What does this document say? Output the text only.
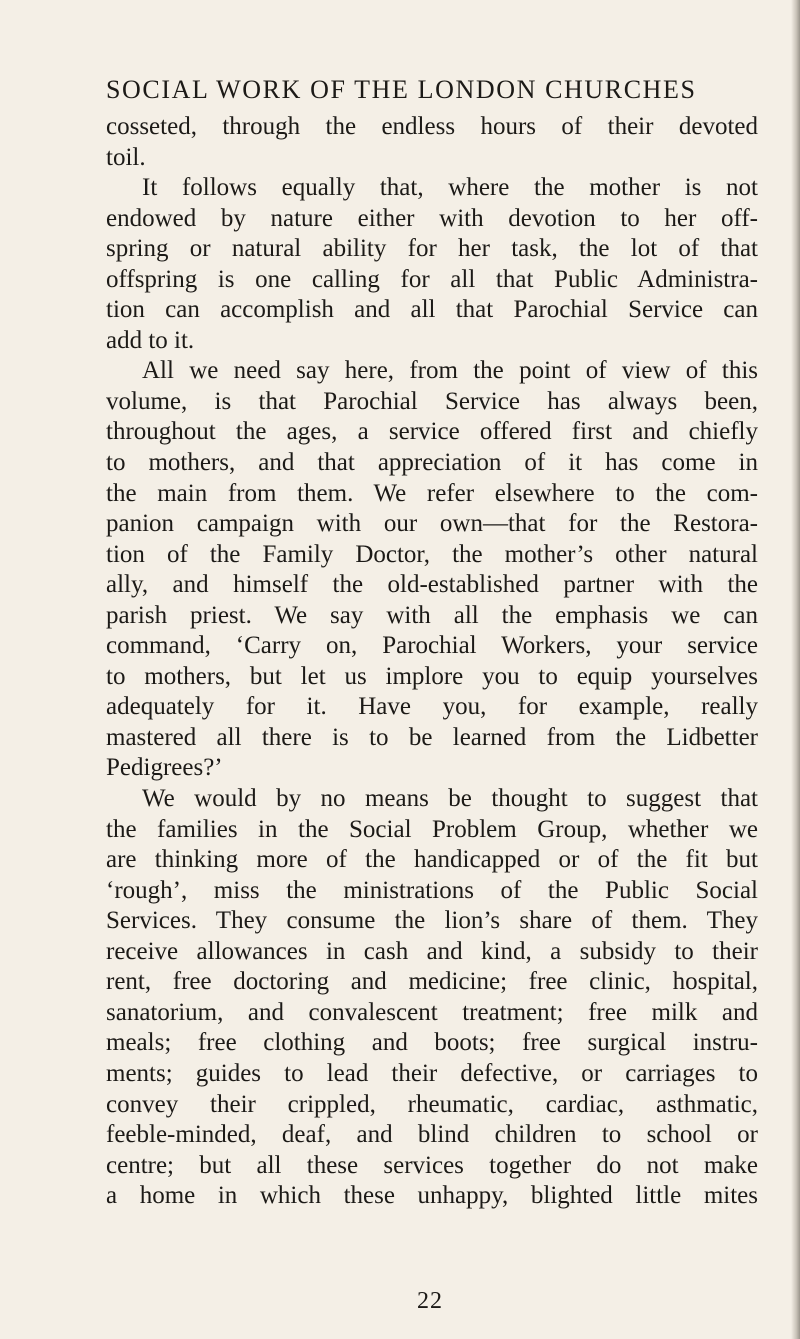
SOCIAL WORK OF THE LONDON CHURCHES
cosseted, through the endless hours of their devoted
toil.
It follows equally that, where the mother is not
endowed by nature either with devotion to her off-
spring or natural ability for her task, the lot of that
offspring is one calling for all that Public Administra-
tion can accomplish and all that Parochial Service can
add to it.
All we need say here, from the point of view of this
volume, is that Parochial Service has always been,
throughout the ages, a service offered first and chiefly
to mothers, and that appreciation of it has come in
the main from them. We refer elsewhere to the com-
panion campaign with our own—that for the Restora-
tion of the Family Doctor, the mother’s other natural
ally, and himself the old-established partner with the
parish priest. We say with all the emphasis we can
command, ‘Carry on, Parochial Workers, your service
to mothers, but let us implore you to equip yourselves
adequately for it. Have you, for example, really
mastered all there is to be learned from the Lidbetter
Pedigrees?’
We would by no means be thought to suggest that
the families in the Social Problem Group, whether we
are thinking more of the handicapped or of the fit but
‘rough’, miss the ministrations of the Public Social
Services. They consume the lion’s share of them. They
receive allowances in cash and kind, a subsidy to their
rent, free doctoring and medicine; free clinic, hospital,
sanatorium, and convalescent treatment; free milk and
meals; free clothing and boots; free surgical instru-
ments; guides to lead their defective, or carriages to
convey their crippled, rheumatic, cardiac, asthmatic,
feeble-minded, deaf, and blind children to school or
centre; but all these services together do not make
a home in which these unhappy, blighted little mites
22
